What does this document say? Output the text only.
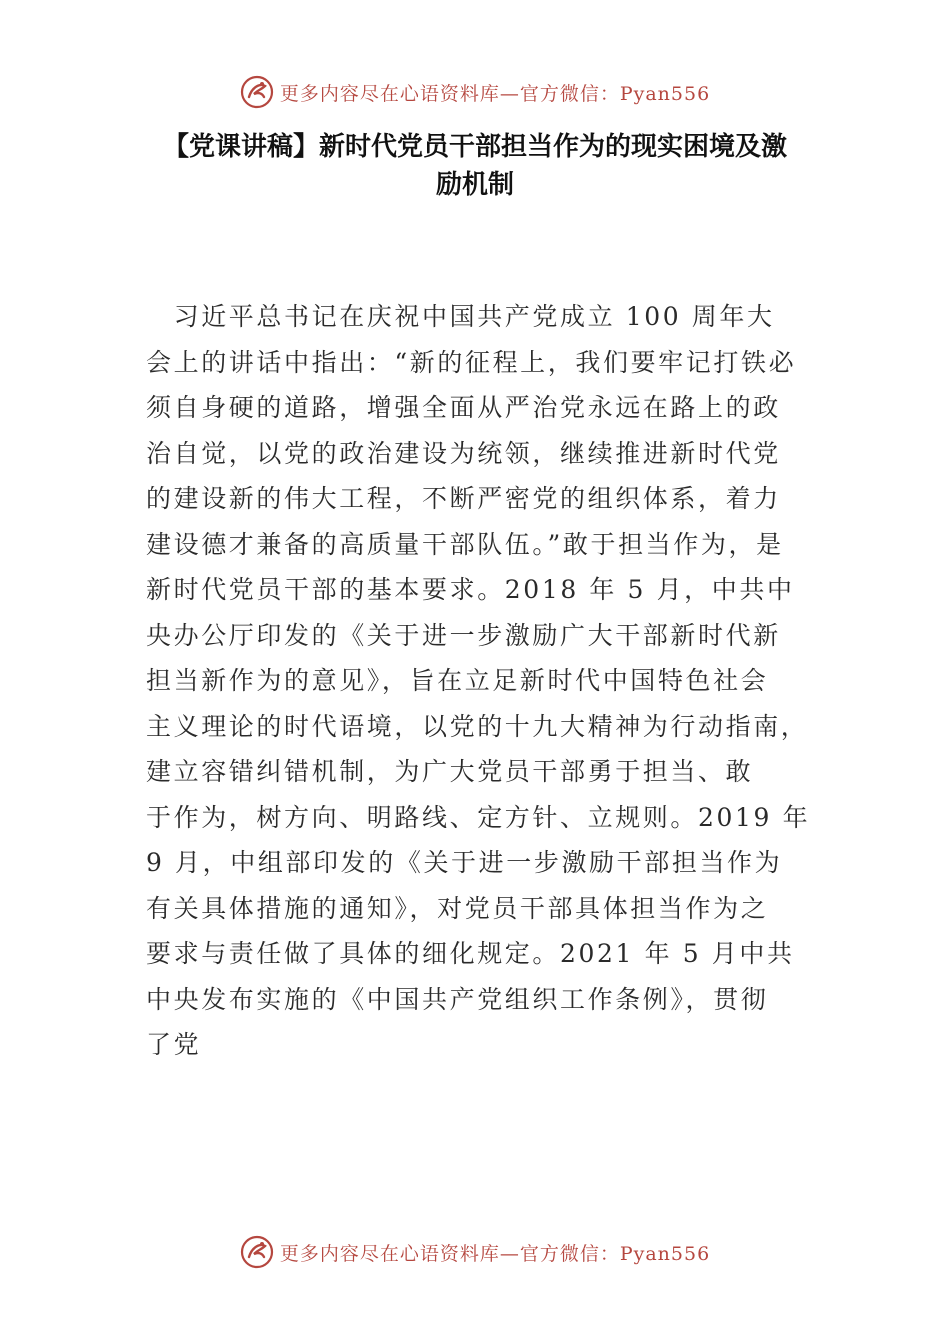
更多内容尽在心语资料库—官方微信：Pyan556
【党课讲稿】新时代党员干部担当作为的现实困境及激
励机制
　习近平总书记在庆祝中国共产党成立 100 周年大
会上的讲话中指出：“新的征程上，我们要牢记打铁必
须自身硬的道路，增强全面从严治党永远在路上的政
治自觉，以党的政治建设为统领，继续推进新时代党
的建设新的伟大工程，不断严密党的组织体系，着力
建设德才兼备的高质量干部队伍。”敢于担当作为，是
新时代党员干部的基本要求。2018 年 5 月，中共中
央办公厅印发的《关于进一步激励广大干部新时代新
担当新作为的意见》，旨在立足新时代中国特色社会
主义理论的时代语境，以党的十九大精神为行动指南，
建立容错纠错机制，为广大党员干部勇于担当、敢
于作为，树方向、明路线、定方针、立规则。2019 年
9 月，中组部印发的《关于进一步激励干部担当作为
有关具体措施的通知》，对党员干部具体担当作为之
要求与责任做了具体的细化规定。2021 年 5 月中共
中央发布实施的《中国共产党组织工作条例》，贯彻
了党
更多内容尽在心语资料库—官方微信：Pyan556
